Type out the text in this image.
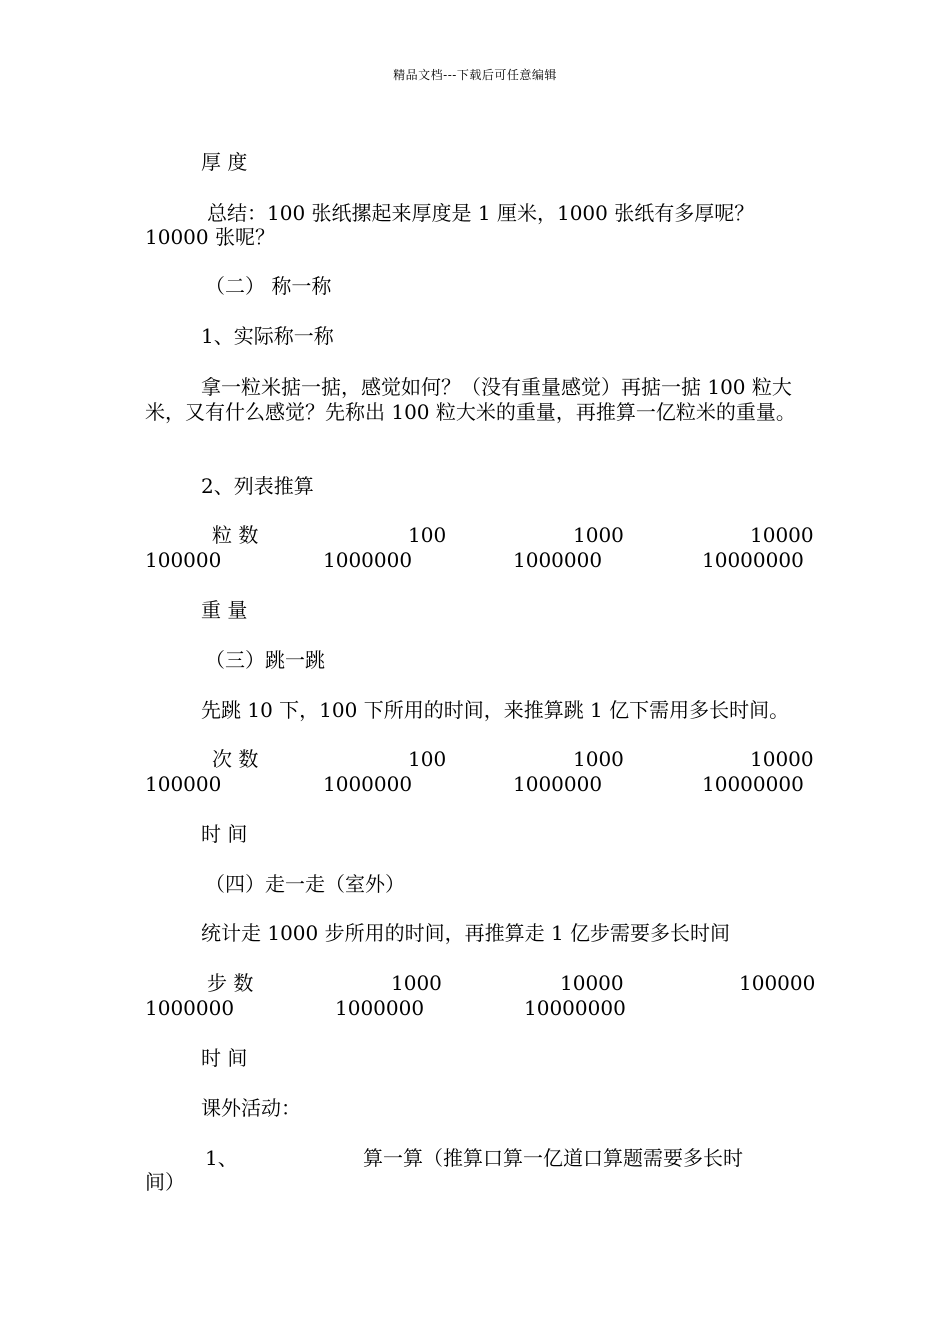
精品文档---下载后可任意编辑
厚 度
总结：100 张纸摞起来厚度是 1 厘米，1000 张纸有多厚呢？
10000 张呢？
（二） 称一称
1、实际称一称
拿一粒米掂一掂，感觉如何？（没有重量感觉）再掂一掂 100 粒大米，又有什么感觉？先称出 100 粒大米的重量，再推算一亿粒米的重量。
2、列表推算
粒 数	100	1000	10000
100000	1000000	1000000	10000000
重 量
（三）跳一跳
先跳 10 下，100 下所用的时间，来推算跳 1 亿下需用多长时间。
次 数	100	1000	10000
100000	1000000	1000000	10000000
时 间
（四）走一走（室外）
统计走 1000 步所用的时间，再推算走 1 亿步需要多长时间
步 数	1000	10000	100000
1000000	1000000	10000000
时 间
课外活动：
1、	算一算（推算口算一亿道口算题需要多长时
间）
